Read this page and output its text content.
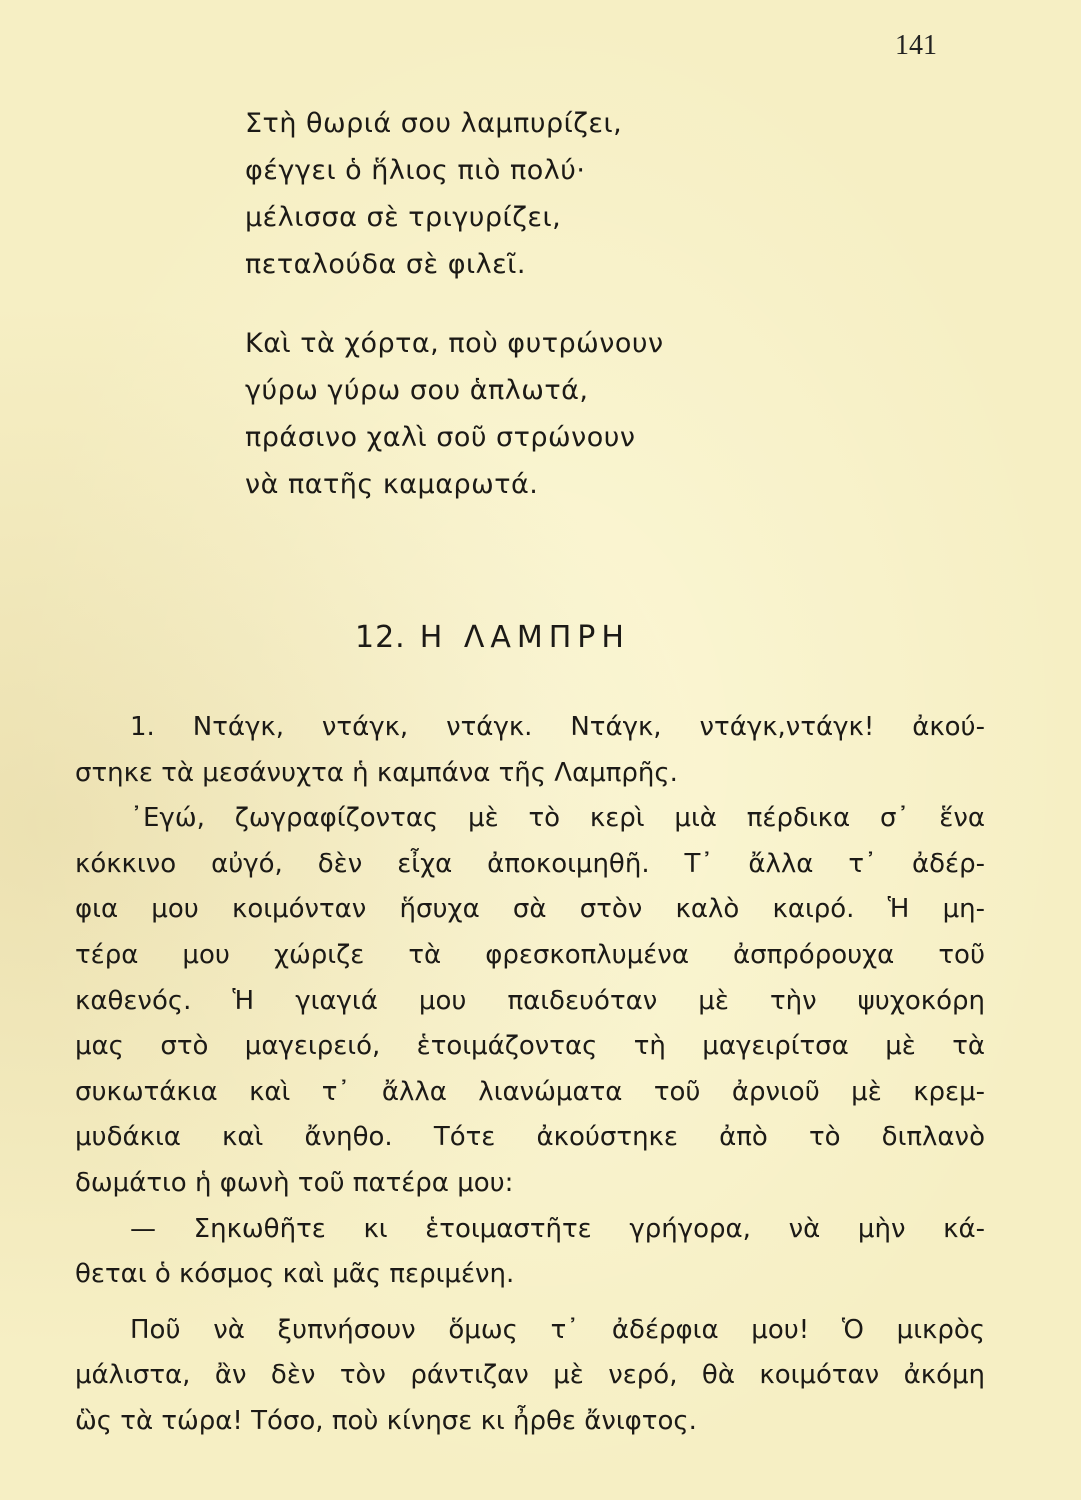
141
Στὴ θωριά σου λαμπυρίζει,
φέγγει ὁ ἥλιος πιὸ πολύ·
μέλισσα σὲ τριγυρίζει,
πεταλούδα σὲ φιλεῖ.
Καὶ τὰ χόρτα, ποὺ φυτρώνουν
γύρω γύρω σου ἁπλωτά,
πράσινο χαλὶ σοῦ στρώνουν
νὰ πατῆς καμαρωτά.
12. Η ΛΑΜΠΡΗ
1. Ντάγκ, ντάγκ, ντάγκ. Ντάγκ, ντάγκ,ντάγκ! ἀκού-
στηκε τὰ μεσάνυχτα ἡ καμπάνα τῆς Λαμπρῆς.
᾿Εγώ, ζωγραφίζοντας μὲ τὸ κερὶ μιὰ πέρδικα σ᾿ ἕνα
κόκκινο αὐγό, δὲν εἶχα ἀποκοιμηθῆ. Τ᾿ ἄλλα τ᾿ ἀδέρ-
φια μου κοιμόνταν ἥσυχα σὰ στὸν καλὸ καιρό. Ἡ μη-
τέρα μου χώριζε τὰ φρεσκοπλυμένα ἀσπρόρουχα τοῦ
καθενός. Ἡ γιαγιά μου παιδευόταν μὲ τὴν ψυχοκόρη
μας στὸ μαγειρειό, ἑτοιμάζοντας τὴ μαγειρίτσα μὲ τὰ
συκωτάκια καὶ τ᾿ ἄλλα λιανώματα τοῦ ἀρνιοῦ μὲ κρεμ-
μυδάκια καὶ ἄνηθο. Τότε ἀκούστηκε ἀπὸ τὸ διπλανὸ
δωμάτιο ἡ φωνὴ τοῦ πατέρα μου:
— Σηκωθῆτε κι ἑτοιμαστῆτε γρήγορα, νὰ μὴν κά-
θεται ὁ κόσμος καὶ μᾶς περιμένη.
Ποῦ νὰ ξυπνήσουν ὅμως τ᾿ ἀδέρφια μου! Ὁ μικρὸς
μάλιστα, ἂν δὲν τὸν ράντιζαν μὲ νερό, θὰ κοιμόταν ἀκόμη
ὣς τὰ τώρα! Τόσο, ποὺ κίνησε κι ἦρθε ἄνιφτος.
